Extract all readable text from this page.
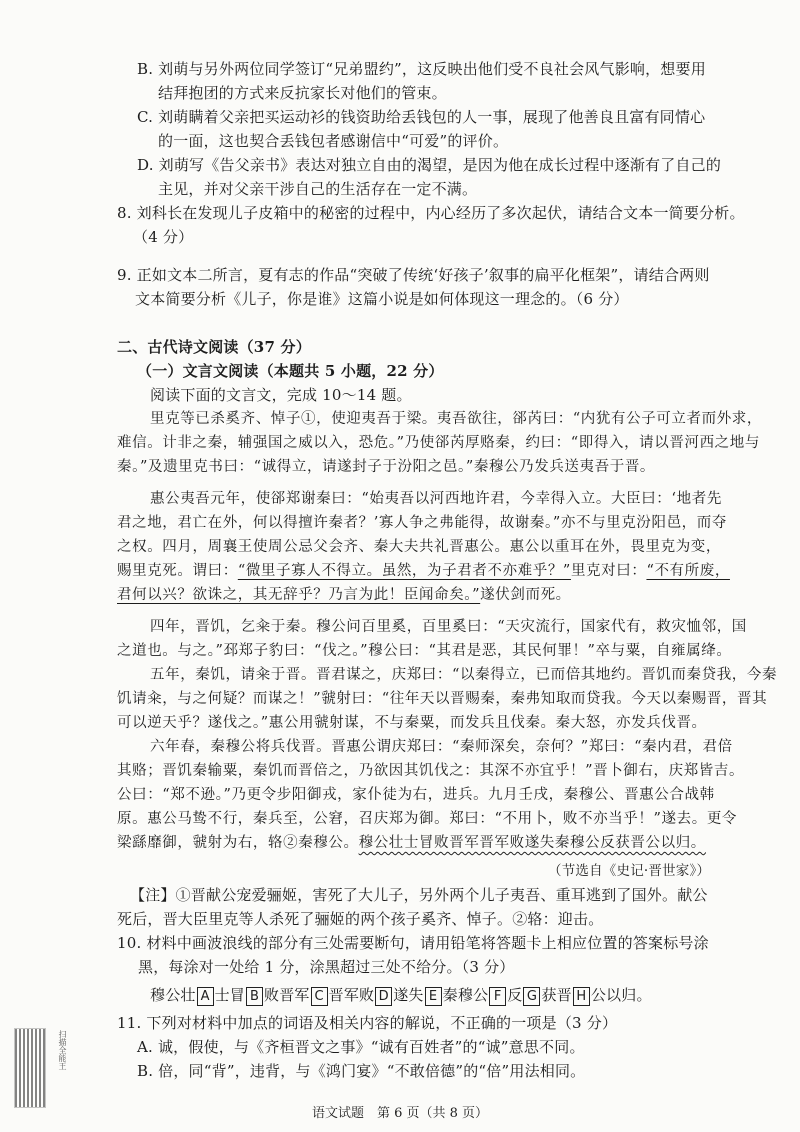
B. 刘萌与另外两位同学签订“兄弟盟约”，这反映出他们受不良社会风气影响，想要用
结拜抱团的方式来反抗家长对他们的管束。
C. 刘萌瞒着父亲把买运动衫的钱资助给丢钱包的人一事，展现了他善良且富有同情心
的一面，这也契合丢钱包者感谢信中“可爱”的评价。
D. 刘萌写《告父亲书》表达对独立自由的渴望，是因为他在成长过程中逐渐有了自己的
主见，并对父亲干涉自己的生活存在一定不满。
8. 刘科长在发现儿子皮箱中的秘密的过程中，内心经历了多次起伏，请结合文本一简要分析。
（4 分）
9. 正如文本二所言，夏有志的作品“突破了传统‘好孩子’叙事的扁平化框架”，请结合两则
文本简要分析《儿子，你是谁》这篇小说是如何体现这一理念的。（6 分）
二、古代诗文阅读（37 分）
（一）文言文阅读（本题共 5 小题，22 分）
阅读下面的文言文，完成 10～14 题。
里克等已杀奚齐、悼子①，使迎夷吾于梁。夷吾欲往，郤芮曰：“内犹有公子可立者而外求，
难信。计非之秦，辅强国之威以入，恐危。”乃使郤芮厚赂秦，约曰：“即得入，请以晋河西之地与
秦。”及遗里克书曰：“诚得立，请遂封子于汾阳之邑。”秦穆公乃发兵送夷吾于晋。
惠公夷吾元年，使郤郑谢秦曰：“始夷吾以河西地许君，今幸得入立。大臣曰：‘地者先
君之地，君亡在外，何以得擅许秦者？’寡人争之弗能得，故谢秦。”亦不与里克汾阳邑，而夺
之权。四月，周襄王使周公忌父会齐、秦大夫共礼晋惠公。惠公以重耳在外，畏里克为变，
赐里克死。谓曰：“微里子寡人不得立。虽然，为子君者不亦难乎？”里克对曰：“不有所废，
君何以兴？欲诛之，其无辞乎？乃言为此！臣闻命矣。”遂伏剑而死。
四年，晋饥，乞籴于秦。穆公问百里奚，百里奚曰：“天灾流行，国家代有，救灾恤邻，国
之道也。与之。”邳郑子豹曰：“伐之。”穆公曰：“其君是恶，其民何罪！”卒与粟，自雍属绛。
五年，秦饥，请籴于晋。晋君谋之，庆郑曰：“以秦得立，已而倍其地约。晋饥而秦贷我，今秦
饥请籴，与之何疑？而谋之！”虢射曰：“往年天以晋赐秦，秦弗知取而贷我。今天以秦赐晋，晋其
可以逆天乎？遂伐之。”惠公用虢射谋，不与秦粟，而发兵且伐秦。秦大怒，亦发兵伐晋。
六年春，秦穆公将兵伐晋。晋惠公谓庆郑曰：“秦师深矣，奈何？”郑曰：“秦内君，君倍
其赂；晋饥秦输粟，秦饥而晋倍之，乃欲因其饥伐之：其深不亦宜乎！”晋卜御右，庆郑皆吉。
公曰：“郑不逊。”乃更令步阳御戎，家仆徒为右，进兵。九月壬戌，秦穆公、晋惠公合战韩
原。惠公马鸷不行，秦兵至，公窘，召庆郑为御。郑曰：“不用卜，败不亦当乎！”遂去。更令
梁繇靡御，虢射为右，辂②秦穆公。穆公壮士冒败晋军晋军败遂失秦穆公反获晋公以归。
（节选自《史记·晋世家》）
【注】①晋献公宠爱骊姬，害死了大儿子，另外两个儿子夷吾、重耳逃到了国外。献公
死后，晋大臣里克等人杀死了骊姬的两个孩子奚齐、悼子。②辂：迎击。
10. 材料中画波浪线的部分有三处需要断句，请用铅笔将答题卡上相应位置的答案标号涂
黑，每涂对一处给 1 分，涂黑超过三处不给分。（3 分）
穆公壮 A 士冒 B 败晋军 C 晋军败 D 遂失 E 秦穆公 F 反 G 获晋 H 公以归。
11. 下列对材料中加点的词语及相关内容的解说，不正确的一项是（3 分）
A. 诚，假使，与《齐桓晋文之事》“诚有百姓者”的“诚”意思不同。
B. 倍，同“背”，违背，与《鸿门宴》“不敢倍德”的“倍”用法相同。
语文试题　第 6 页（共 8 页）
扫描全能王
